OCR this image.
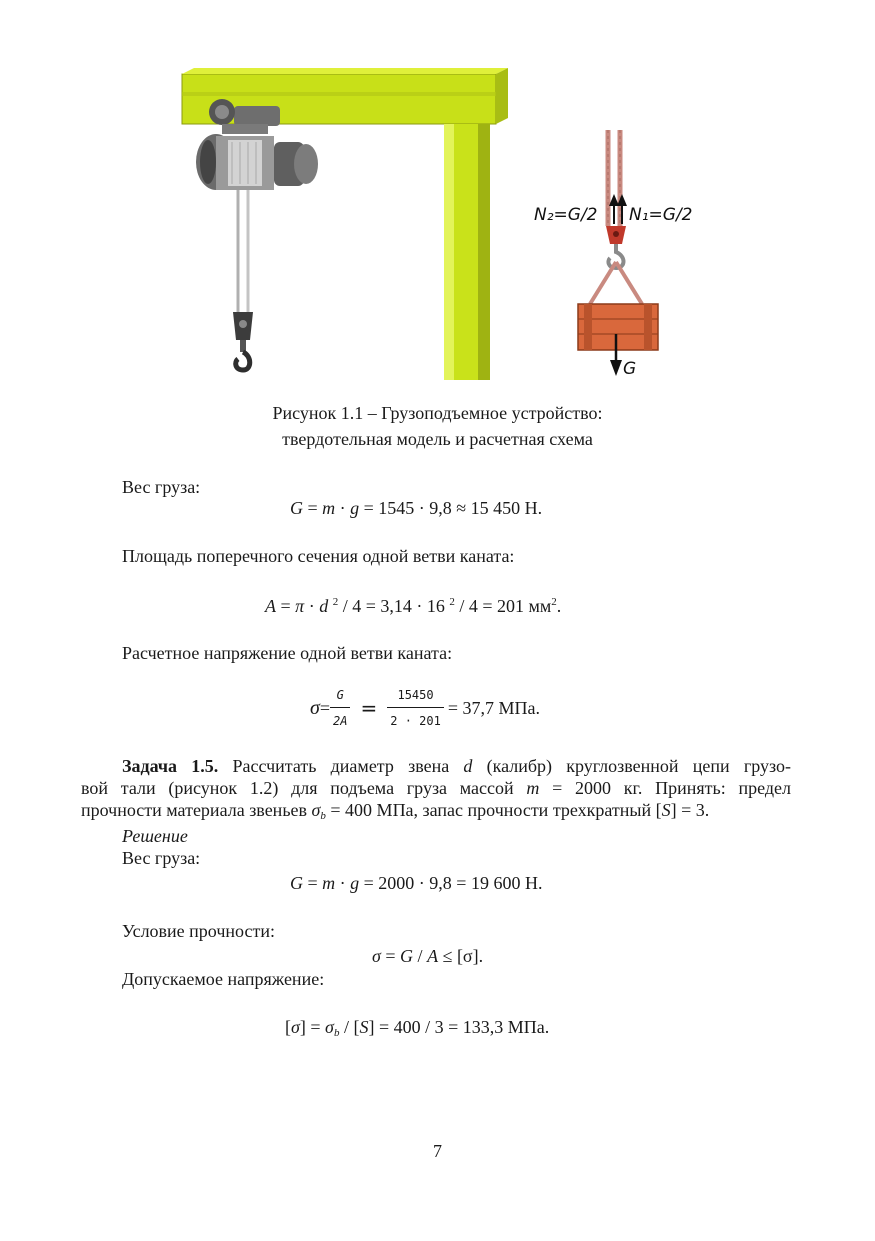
N₂=G/2 N₁=G/2
G
Рисунок 1.1 – Грузоподъемное устройство:
твердотельная модель и расчетная схема
Вес груза:
G = m · g = 1545 · 9,8 ≈ 15 450 Н.
Площадь поперечного сечения одной ветви каната:
A = π · d $^2$ / 4 = 3,14 · 16 $^2$ / 4 = 201 $мм^2$.
Расчетное напряжение одной ветви каната:
$\sigma = \frac{G}{2A} = \frac{15450}{2 \cdot 201} = 37,7$ МПа.
Задача 1.5. Рассчитать диаметр звена d (калибр) круглозвенной цепи грузо-
вой тали (рисунок 1.2) для подъема груза массой m = 2000 кг. Принять: предел
прочности материала звеньев $\sigma_b = 400$ МПа, запас прочности трехкратный [S] = 3.
Решение
Вес груза:
G = m · g = 2000 · 9,8 = 19 600 Н.
Условие прочности:
σ = G / A ≤ [σ].
Допускаемое напряжение:
$[\sigma] = \sigma_b / [S] = 400 / 3 = 133,3$ МПа.
7
